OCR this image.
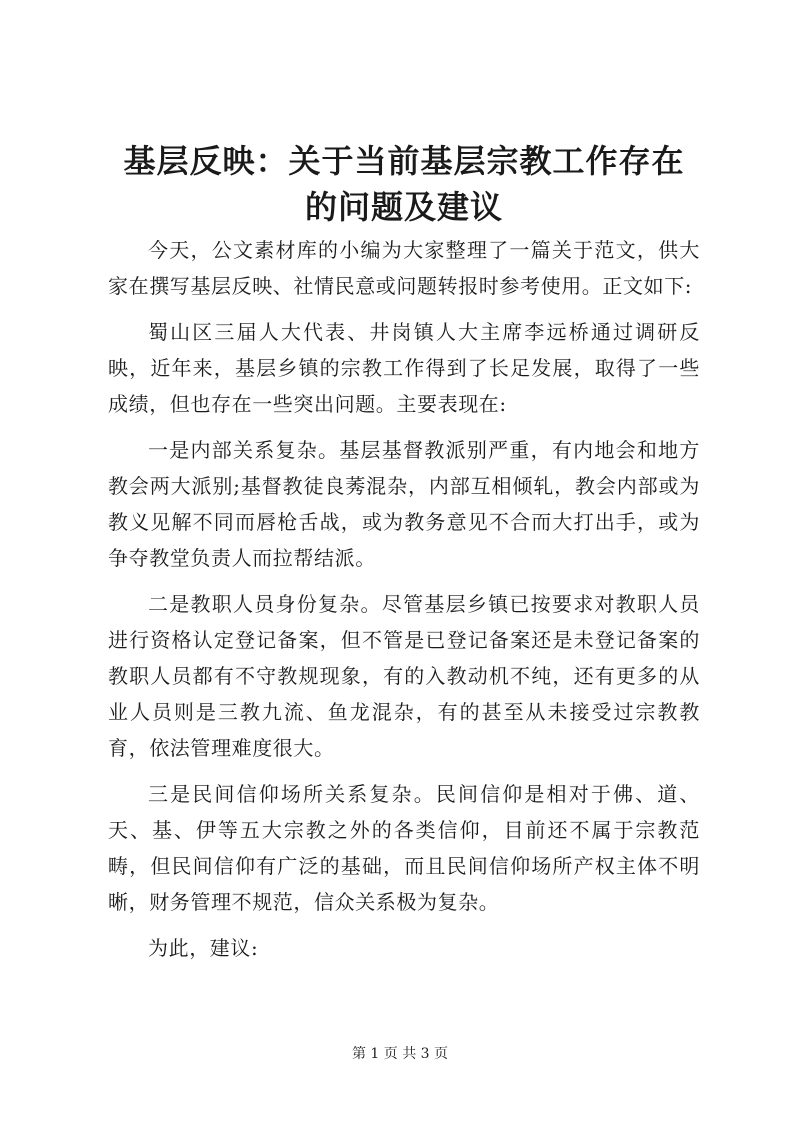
基层反映：关于当前基层宗教工作存在的问题及建议

今天，公文素材库的小编为大家整理了一篇关于范文，供大家在撰写基层反映、社情民意或问题转报时参考使用。正文如下:

蜀山区三届人大代表、井岗镇人大主席李远桥通过调研反映，近年来，基层乡镇的宗教工作得到了长足发展，取得了一些成绩，但也存在一些突出问题。主要表现在:

一是内部关系复杂。基层基督教派别严重，有内地会和地方教会两大派别;基督教徒良莠混杂，内部互相倾轧，教会内部或为教义见解不同而唇枪舌战，或为教务意见不合而大打出手，或为争夺教堂负责人而拉帮结派。

二是教职人员身份复杂。尽管基层乡镇已按要求对教职人员进行资格认定登记备案，但不管是已登记备案还是未登记备案的教职人员都有不守教规现象，有的入教动机不纯，还有更多的从业人员则是三教九流、鱼龙混杂，有的甚至从未接受过宗教教育，依法管理难度很大。

三是民间信仰场所关系复杂。民间信仰是相对于佛、道、天、基、伊等五大宗教之外的各类信仰，目前还不属于宗教范畴，但民间信仰有广泛的基础，而且民间信仰场所产权主体不明晰，财务管理不规范，信众关系极为复杂。

为此，建议:

第 1 页 共 3 页
